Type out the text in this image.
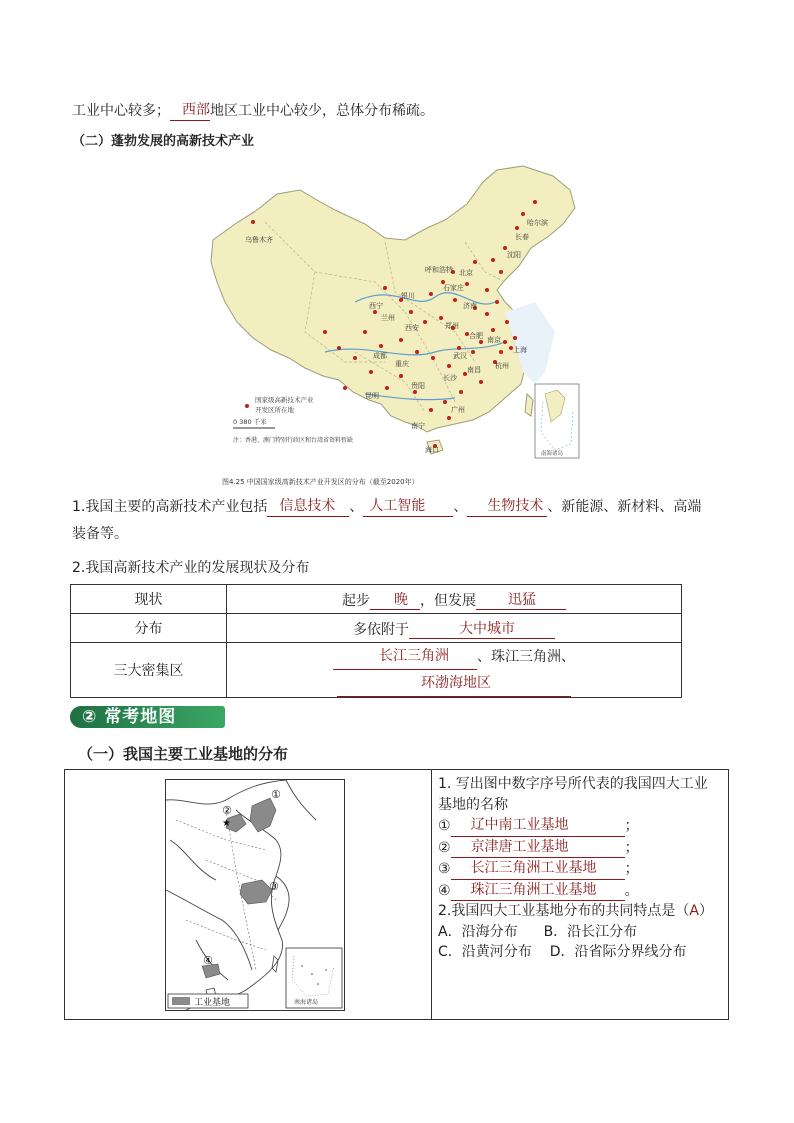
工业中心较多； 西部地区工业中心较少，总体分布稀疏。
（二）蓬勃发展的高新技术产业
乌鲁木齐
哈尔滨
长春
沈阳
呼和浩特 北京
石家庄
银川
兰州
西宁
西安	郑州
济南
南京
合肥
上海
武汉
成都
重庆
长沙
南昌 杭州
贵阳
昆明
南宁
广州
海口
国家级高新技术产业
开发区所在地
0 380 千米
注：香港、澳门特别行政区和台湾省资料暂缺
南海诸岛
图4.25 中国国家级高新技术产业开发区的分布（截至2020年）
1.我国主要的高新技术产业包括 信息技术 、 人工智能 、 生物技术 、新能源、新材料、高端
装备等。
2.我国高新技术产业的发展现状及分布
现状	起步 晚 ，但发展 迅猛
分布	多依附于 大中城市
三大密集区	长江三角洲 、珠江三角洲、
环渤海地区
② 常考地图
（一）我国主要工业基地的分布
★
①
②
③
④
南海诸岛
工业基地
1. 写出图中数字序号所代表的我国四大工业
基地的名称
① 辽中南工业基地	；
② 京津唐工业基地	；
③ 长江三角洲工业基地 ；
④ 珠江三角洲工业基地 。
2.我国四大工业基地分布的共同特点是（A）
A．沿海分布 B．沿长江分布
C．沿黄河分布 D．沿省际分界线分布
